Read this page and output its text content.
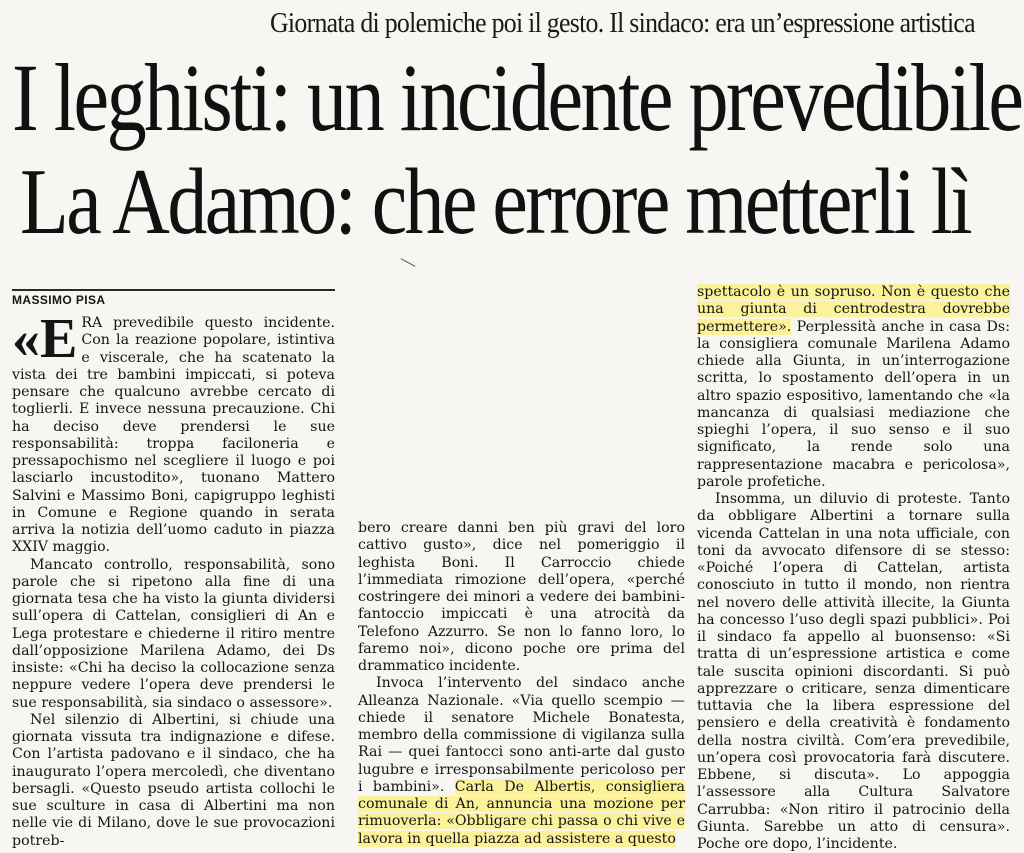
Giornata di polemiche poi il gesto. Il sindaco: era un’espressione artistica
I leghisti: un incidente prevedibile
La Adamo: che errore metterli lì
MASSIMO PISA

«ERA prevedibile questo incidente. Con la reazione popolare, istintiva e viscerale, che ha scatenato la vista dei tre bambini impiccati, si poteva pensare che qualcuno avrebbe cercato di toglierli. E invece nessuna precauzione. Chi ha deciso deve prendersi le sue responsabilità: troppa faciloneria e pressapochismo nel scegliere il luogo e poi lasciarlo incustodito», tuonano Mattero Salvini e Massimo Boni, capigruppo leghisti in Comune e Regione quando in serata arriva la notizia dell’uomo caduto in piazza XXIV maggio.

Mancato controllo, responsabilità, sono parole che si ripetono alla fine di una giornata tesa che ha visto la giunta dividersi sull’opera di Cattelan, consiglieri di An e Lega protestare e chiederne il ritiro mentre dall’opposizione Marilena Adamo, dei Ds insiste: «Chi ha deciso la collocazione senza neppure vedere l’opera deve prendersi le sue responsabilità, sia sindaco o assessore».

Nel silenzio di Albertini, si chiude una giornata vissuta tra indignazione e difese. Con l’artista padovano e il sindaco, che ha inaugurato l’opera mercoledì, che diventano bersagli. «Questo pseudo artista collochi le sue sculture in casa di Albertini ma non nelle vie di Milano, dove le sue provocazioni potreb-

bero creare danni ben più gravi del loro cattivo gusto», dice nel pomeriggio il leghista Boni. Il Carroccio chiede l’immediata rimozione dell’opera, «perché costringere dei minori a vedere dei bambini-fantoccio impiccati è una atrocità da Telefono Azzurro. Se non lo fanno loro, lo faremo noi», dicono poche ore prima del drammatico incidente.

Invoca l’intervento del sindaco anche Alleanza Nazionale. «Via quello scempio — chiede il senatore Michele Bonatesta, membro della commissione di vigilanza sulla Rai — quei fantocci sono anti-arte dal gusto lugubre e irresponsabilmente pericoloso per i bambini». Carla De Albertis, consigliera comunale di An, annuncia una mozione per rimuoverla: «Obbligare chi passa o chi vive e lavora in quella piazza ad assistere a questo

spettacolo è un sopruso. Non è questo che una giunta di centrodestra dovrebbe permettere». Perplessità anche in casa Ds: la consigliera comunale Marilena Adamo chiede alla Giunta, in un’interrogazione scritta, lo spostamento dell’opera in un altro spazio espositivo, lamentando che «la mancanza di qualsiasi mediazione che spieghi l’opera, il suo senso e il suo significato, la rende solo una rappresentazione macabra e pericolosa», parole profetiche.

Insomma, un diluvio di proteste. Tanto da obbligare Albertini a tornare sulla vicenda Cattelan in una nota ufficiale, con toni da avvocato difensore di se stesso: «Poiché l’opera di Cattelan, artista conosciuto in tutto il mondo, non rientra nel novero delle attività illecite, la Giunta ha concesso l’uso degli spazi pubblici». Poi il sindaco fa appello al buonsenso: «Si tratta di un’espressione artistica e come tale suscita opinioni discordanti. Si può apprezzare o criticare, senza dimenticare tuttavia che la libera espressione del pensiero e della creatività è fondamento della nostra civiltà. Com’era prevedibile, un’opera così provocatoria farà discutere. Ebbene, si discuta». Lo appoggia l’assessore alla Cultura Salvatore Carrubba: «Non ritiro il patrocinio della Giunta. Sarebbe un atto di censura». Poche ore dopo, l’incidente.
